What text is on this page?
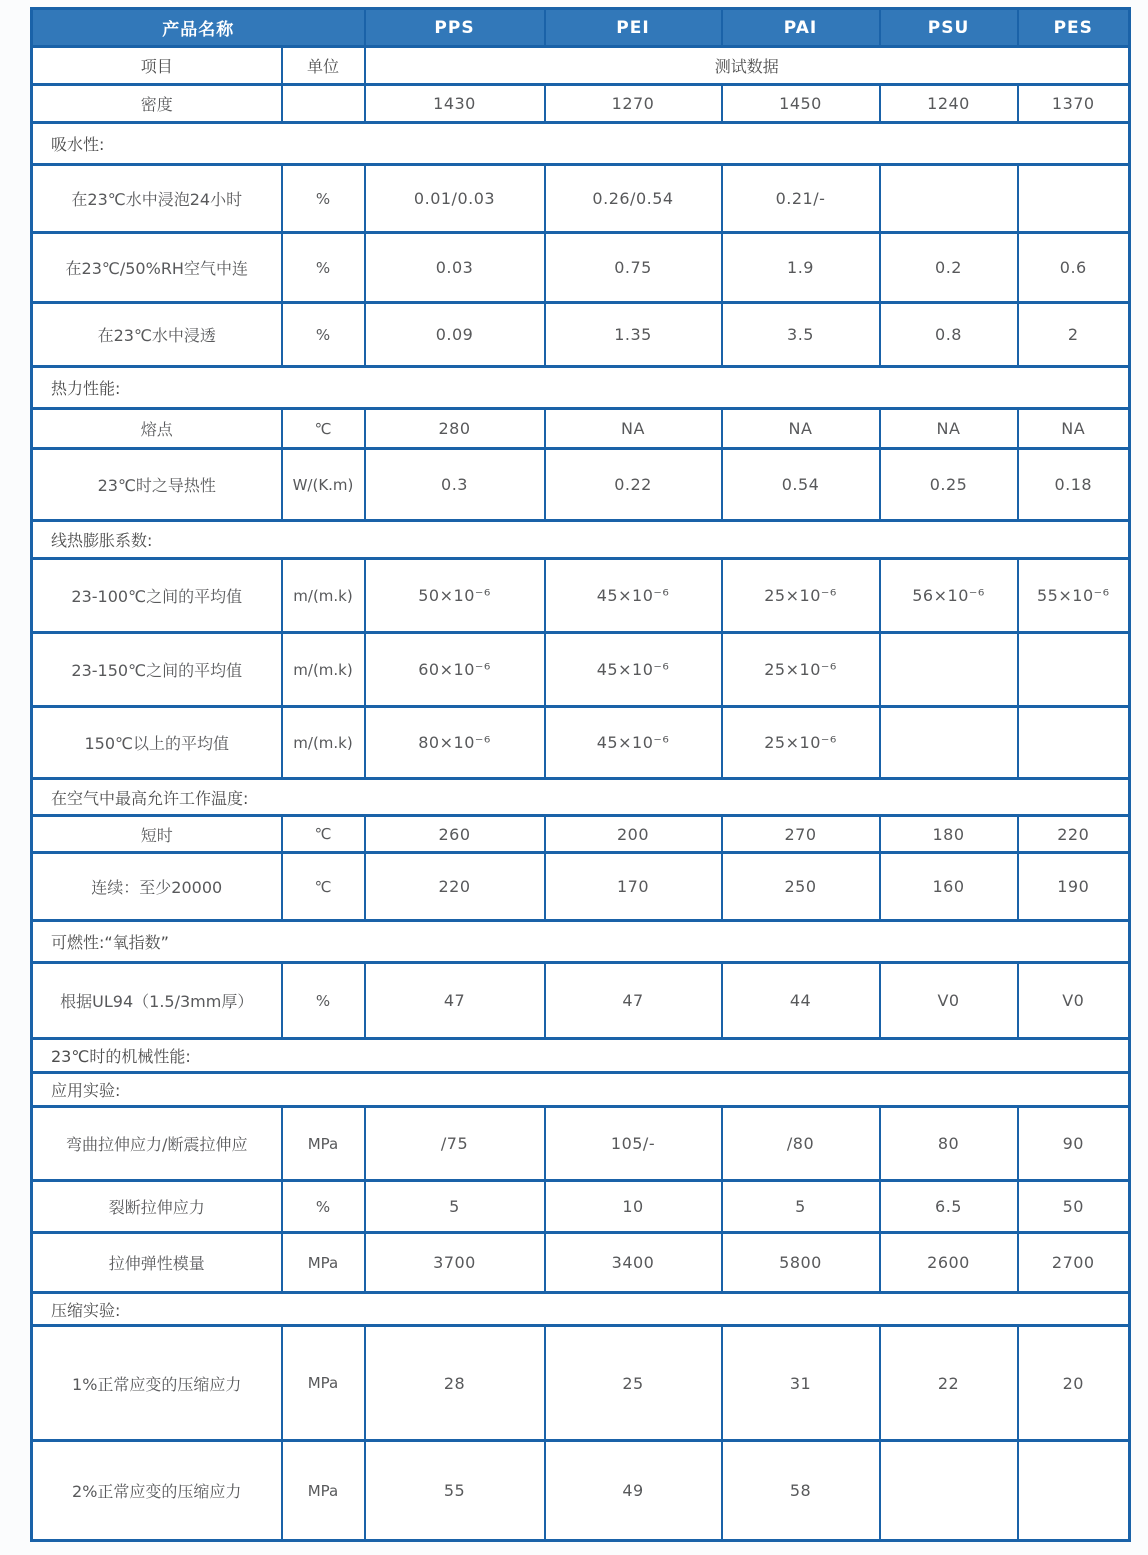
产品名称		PPS	PEI	PAI	PSU	PES
项目	单位	测试数据				
密度		1430	1270	1450	1240	1370
吸水性:						
在23℃水中浸泡24小时	%	0.01/0.03	0.26/0.54	0.21/-		
在23℃/50%RH空气中连	%	0.03	0.75	1.9	0.2	0.6
在23℃水中浸透	%	0.09	1.35	3.5	0.8	2
热力性能:						
熔点	℃	280	NA	NA	NA	NA
23℃时之导热性	W/(K.m)	0.3	0.22	0.54	0.25	0.18
线热膨胀系数:						
23-100℃之间的平均值	m/(m.k)	50×10⁻⁶	45×10⁻⁶	25×10⁻⁶	56×10⁻⁶	55×10⁻⁶
23-150℃之间的平均值	m/(m.k)	60×10⁻⁶	45×10⁻⁶	25×10⁻⁶		
150℃以上的平均值	m/(m.k)	80×10⁻⁶	45×10⁻⁶	25×10⁻⁶		
在空气中最高允许工作温度:						
短时	℃	260	200	270	180	220
连续：至少20000	℃	220	170	250	160	190
可燃性:“氧指数”						
根据UL94（1.5/3mm厚）	%	47	47	44	V0	V0
23℃时的机械性能:						
应用实验:						
弯曲拉伸应力/断震拉伸应	MPa	/75	105/-	/80	80	90
裂断拉伸应力	%	5	10	5	6.5	50
拉伸弹性模量	MPa	3700	3400	5800	2600	2700
压缩实验:						
1%正常应变的压缩应力	MPa	28	25	31	22	20
2%正常应变的压缩应力	MPa	55	49	58		
